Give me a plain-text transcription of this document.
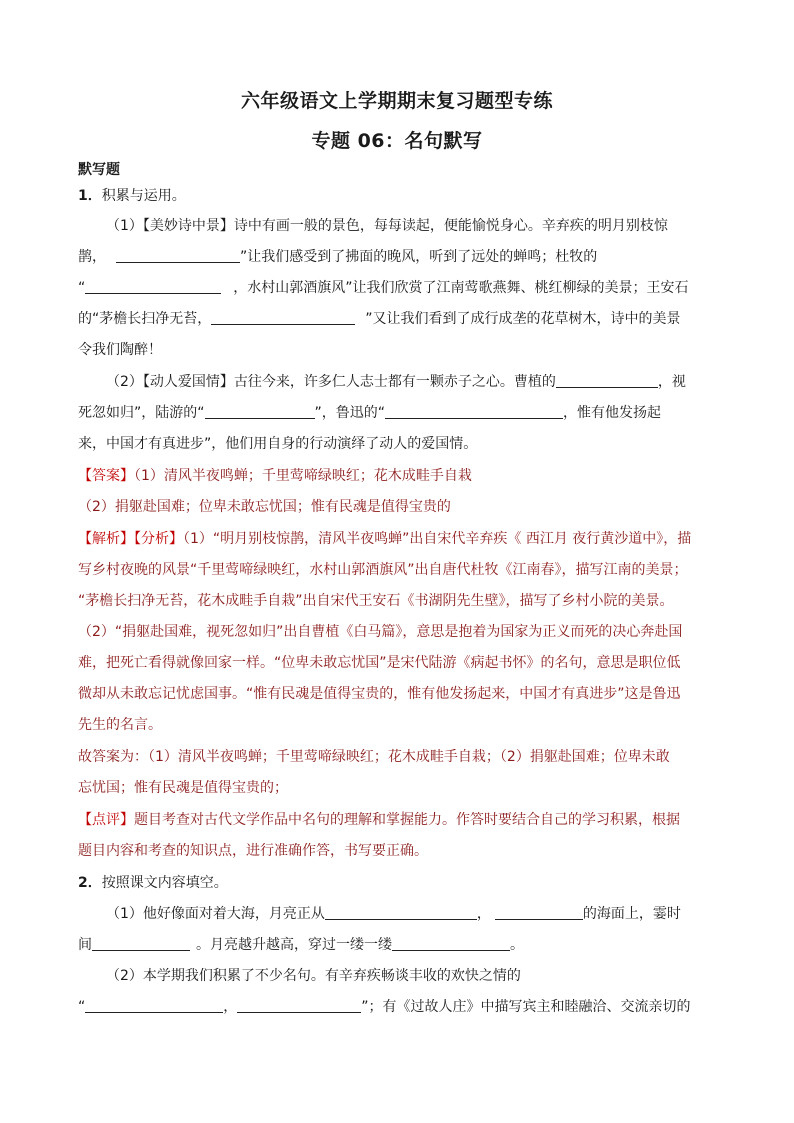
六年级语文上学期期末复习题型专练
专题 06：名句默写
默写题
1．积累与运用。
（1）【美妙诗中景】诗中有画一般的景色，每每读起，便能愉悦身心。辛弃疾的明月别枝惊
鹊，	”让我们感受到了拂面的晚风，听到了远处的蝉鸣；杜牧的
“	，水村山郭酒旗风”让我们欣赏了江南莺歌燕舞、桃红柳绿的美景；王安石
的“茅檐长扫净无苔，	”又让我们看到了成行成垄的花草树木，诗中的美景
令我们陶醉！
（2）【动人爱国情】古往今来，许多仁人志士都有一颗赤子之心。曹植的	，视
死忽如归”，陆游的“	”，鲁迅的“	，惟有他发扬起
来，中国才有真进步”，他们用自身的行动演绎了动人的爱国情。
【答案】（1）清风半夜鸣蝉；千里莺啼绿映红；花木成畦手自栽
（2）捐躯赴国难；位卑未敢忘忧国；惟有民魂是值得宝贵的
【解析】【分析】（1）“明月别枝惊鹊，清风半夜鸣蝉”出自宋代辛弃疾《 西江月 夜行黄沙道中》，描
写乡村夜晚的风景“千里莺啼绿映红，水村山郭酒旗风”出自唐代杜牧《江南春》，描写江南的美景；
“茅檐长扫净无苔，花木成畦手自栽”出自宋代王安石《书湖阴先生壁》，描写了乡村小院的美景。
（2）“捐躯赴国难，视死忽如归”出自曹植《白马篇》，意思是抱着为国家为正义而死的决心奔赴国
难，把死亡看得就像回家一样。“位卑未敢忘忧国”是宋代陆游《病起书怀》的名句，意思是职位低
微却从未敢忘记忧虑国事。“惟有民魂是值得宝贵的，惟有他发扬起来，中国才有真进步”这是鲁迅
先生的名言。
故答案为：（1）清风半夜鸣蝉；千里莺啼绿映红；花木成畦手自栽；（2）捐躯赴国难；位卑未敢
忘忧国；惟有民魂是值得宝贵的；
【点评】题目考查对古代文学作品中名句的理解和掌握能力。作答时要结合自己的学习积累，根据
题目内容和考查的知识点，进行准确作答，书写要正确。
2．按照课文内容填空。
（1）他好像面对着大海，月亮正从	，	的海面上，霎时
间	。月亮越升越高，穿过一缕一缕	。
（2）本学期我们积累了不少名句。有辛弃疾畅谈丰收的欢快之情的
“	，	”；有《过故人庄》中描写宾主和睦融洽、交流亲切的
